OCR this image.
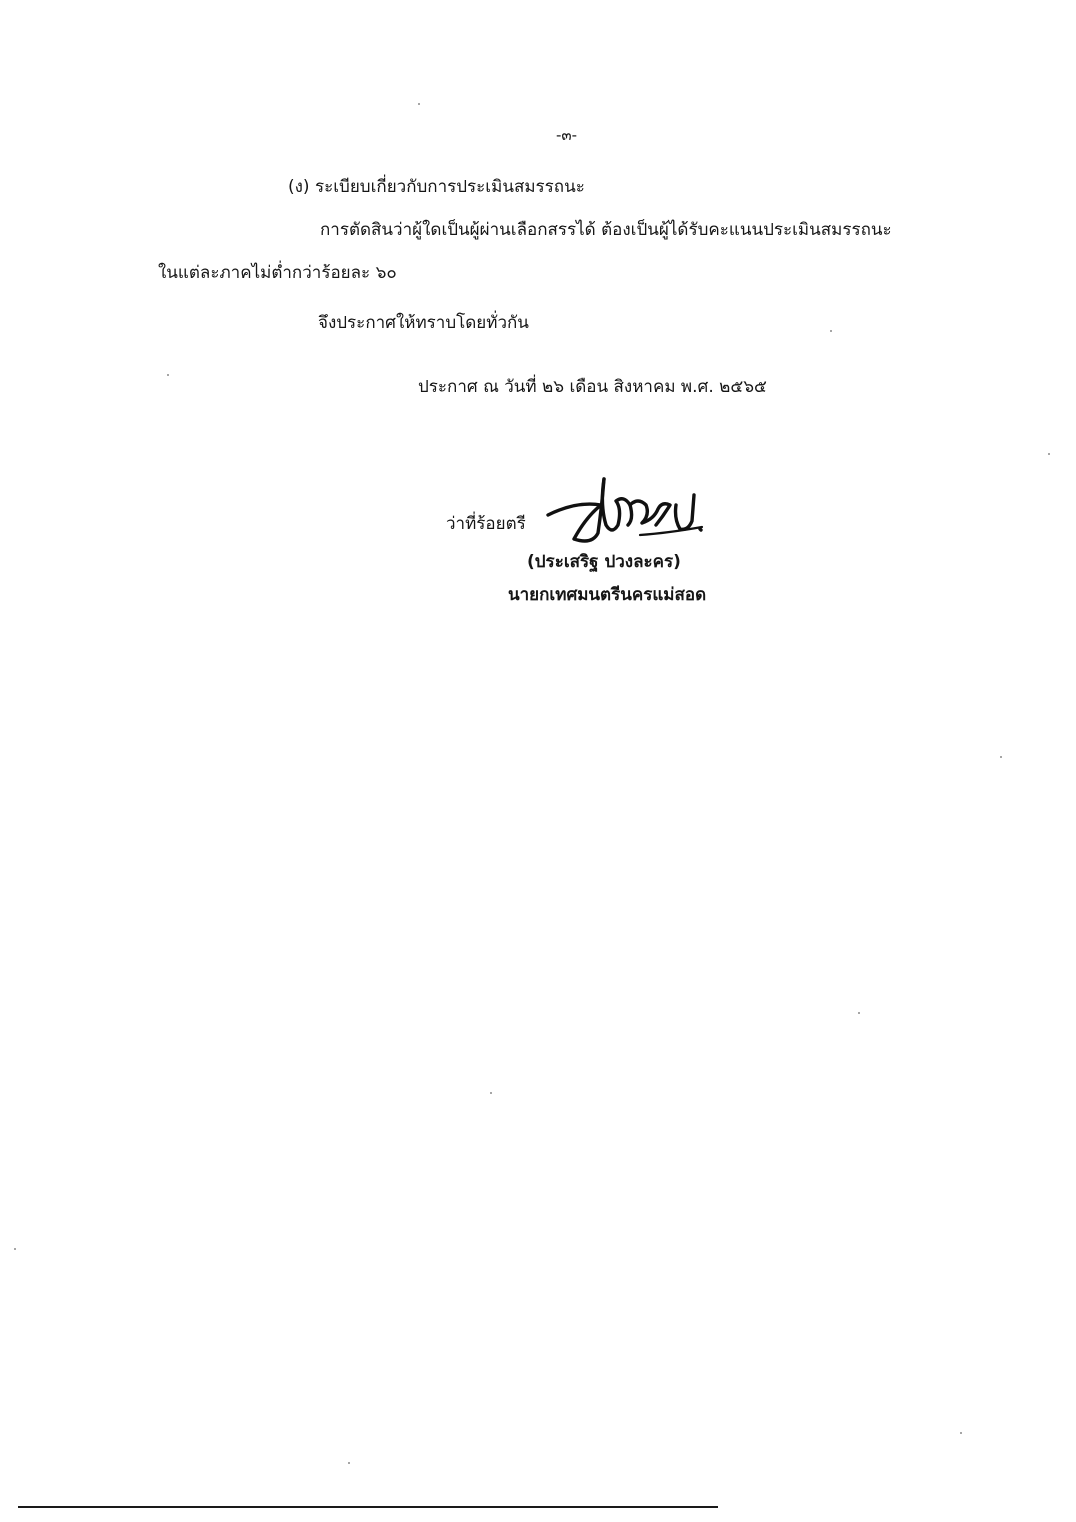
-๓-
(ง) ระเบียบเกี่ยวกับการประเมินสมรรถนะ
การตัดสินว่าผู้ใดเป็นผู้ผ่านเลือกสรรได้ ต้องเป็นผู้ได้รับคะแนนประเมินสมรรถนะ
ในแต่ละภาคไม่ต่ำกว่าร้อยละ ๖๐
จึงประกาศให้ทราบโดยทั่วกัน
ประกาศ ณ วันที่ ๒๖ เดือน สิงหาคม พ.ศ. ๒๕๖๕
ว่าที่ร้อยตรี
(ประเสริฐ ปวงละคร)
นายกเทศมนตรีนครแม่สอด
